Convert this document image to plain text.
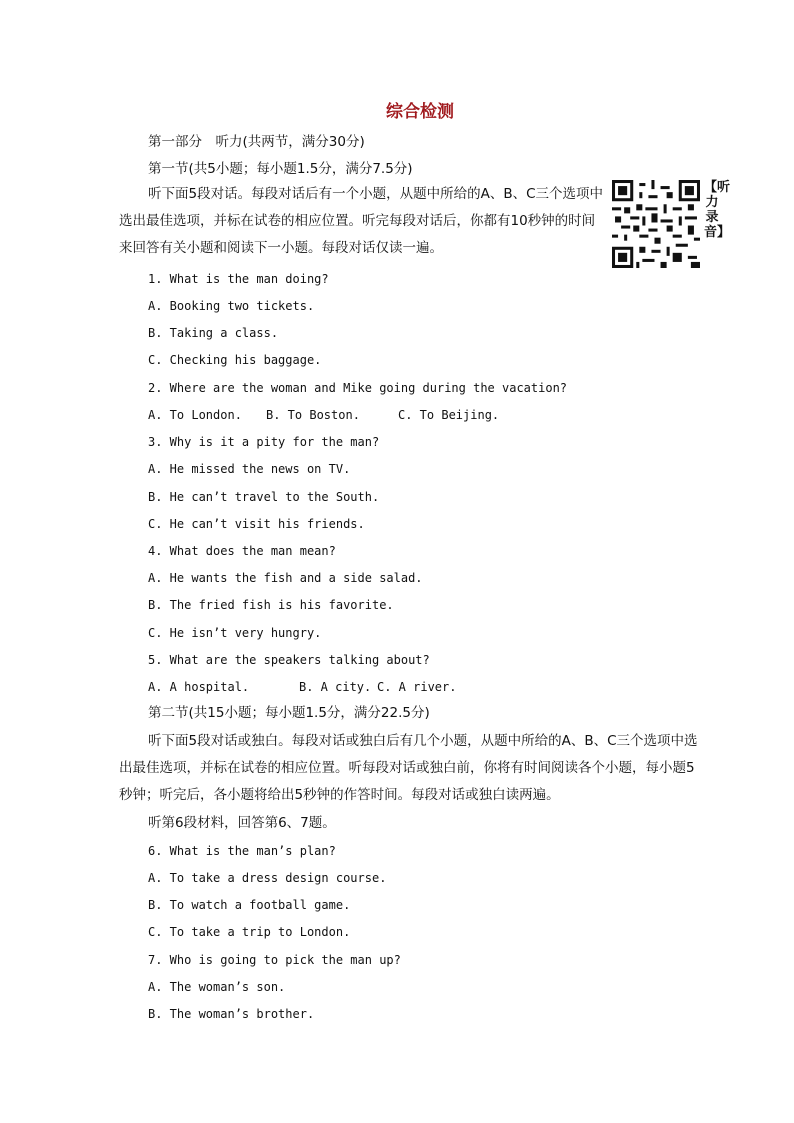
综合检测
第一部分　听力(共两节，满分30分)
第一节(共5小题；每小题1.5分，满分7.5分)
听下面5段对话。每段对话后有一个小题，从题中所给的A、B、C三个选项中选出最佳选项，并标在试卷的相应位置。听完每段对话后，你都有10秒钟的时间来回答有关小题和阅读下一小题。每段对话仅读一遍。
【听力录音】
1. What is the man doing?
A. Booking two tickets.
B. Taking a class.
C. Checking his baggage.
2. Where are the woman and Mike going during the vacation?
A. To London. B. To Boston.	C. To Beijing.
3. Why is it a pity for the man?
A. He missed the news on TV.
B. He can’t travel to the South.
C. He can’t visit his friends.
4. What does the man mean?
A. He wants the fish and a side salad.
B. The fried fish is his favorite.
C. He isn’t very hungry.
5. What are the speakers talking about?
A. A hospital.	B. A city. C. A river.
第二节(共15小题；每小题1.5分，满分22.5分)
听下面5段对话或独白。每段对话或独白后有几个小题，从题中所给的A、B、C三个选项中选出最佳选项，并标在试卷的相应位置。听每段对话或独白前，你将有时间阅读各个小题，每小题5秒钟；听完后，各小题将给出5秒钟的作答时间。每段对话或独白读两遍。
听第6段材料，回答第6、7题。
6. What is the man’s plan?
A. To take a dress design course.
B. To watch a football game.
C. To take a trip to London.
7. Who is going to pick the man up?
A. The woman’s son.
B. The woman’s brother.
